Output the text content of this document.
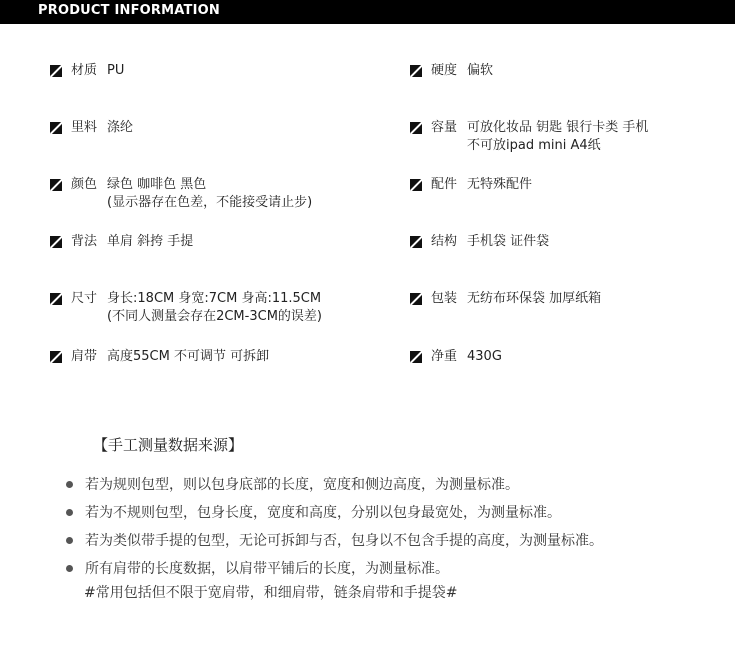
PRODUCT INFORMATION
材质 PU
里料 涤纶
颜色 绿色 咖啡色 黑色
(显示器存在色差，不能接受请止步)
背法 单肩 斜挎 手提
尺寸 身长:18CM 身宽:7CM 身高:11.5CM
(不同人测量会存在2CM-3CM的误差)
肩带 高度55CM 不可调节 可拆卸
硬度 偏软
容量 可放化妆品 钥匙 银行卡类 手机
不可放ipad mini A4纸
配件 无特殊配件
结构 手机袋 证件袋
包装 无纺布环保袋 加厚纸箱
净重 430G
【手工测量数据来源】
若为规则包型，则以包身底部的长度，宽度和侧边高度，为测量标准。
若为不规则包型，包身长度，宽度和高度，分别以包身最宽处，为测量标准。
若为类似带手提的包型，无论可拆卸与否，包身以不包含手提的高度，为测量标准。
所有肩带的长度数据，以肩带平铺后的长度，为测量标准。
#常用包括但不限于宽肩带，和细肩带，链条肩带和手提袋#
